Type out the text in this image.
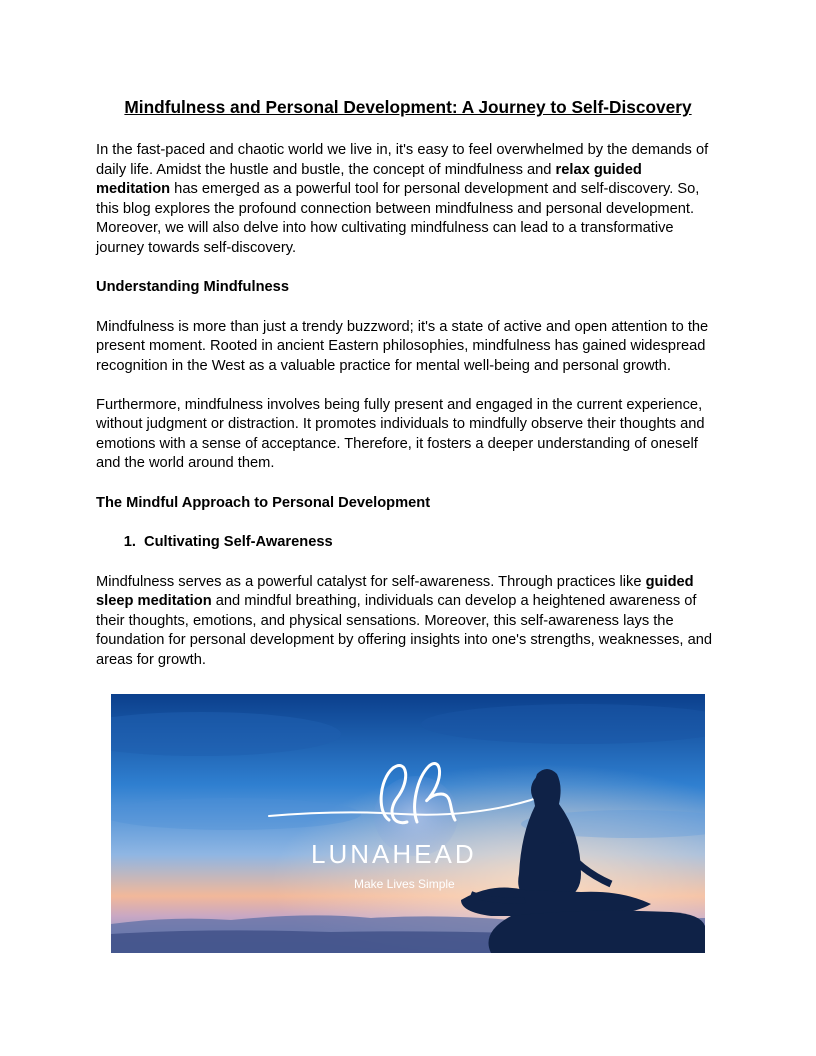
Mindfulness and Personal Development: A Journey to Self-Discovery

In the fast-paced and chaotic world we live in, it's easy to feel overwhelmed by the demands of daily life. Amidst the hustle and bustle, the concept of mindfulness and relax guided meditation has emerged as a powerful tool for personal development and self-discovery. So, this blog explores the profound connection between mindfulness and personal development. Moreover, we will also delve into how cultivating mindfulness can lead to a transformative journey towards self-discovery.

Understanding Mindfulness

Mindfulness is more than just a trendy buzzword; it's a state of active and open attention to the present moment. Rooted in ancient Eastern philosophies, mindfulness has gained widespread recognition in the West as a valuable practice for mental well-being and personal growth.

Furthermore, mindfulness involves being fully present and engaged in the current experience, without judgment or distraction. It promotes individuals to mindfully observe their thoughts and emotions with a sense of acceptance. Therefore, it fosters a deeper understanding of oneself and the world around them.

The Mindful Approach to Personal Development
1. Cultivating Self-Awareness

Mindfulness serves as a powerful catalyst for self-awareness. Through practices like guided sleep meditation and mindful breathing, individuals can develop a heightened awareness of their thoughts, emotions, and physical sensations. Moreover, this self-awareness lays the foundation for personal development by offering insights into one's strengths, weaknesses, and areas for growth.

LUNAHEAD
Make Lives Simple
